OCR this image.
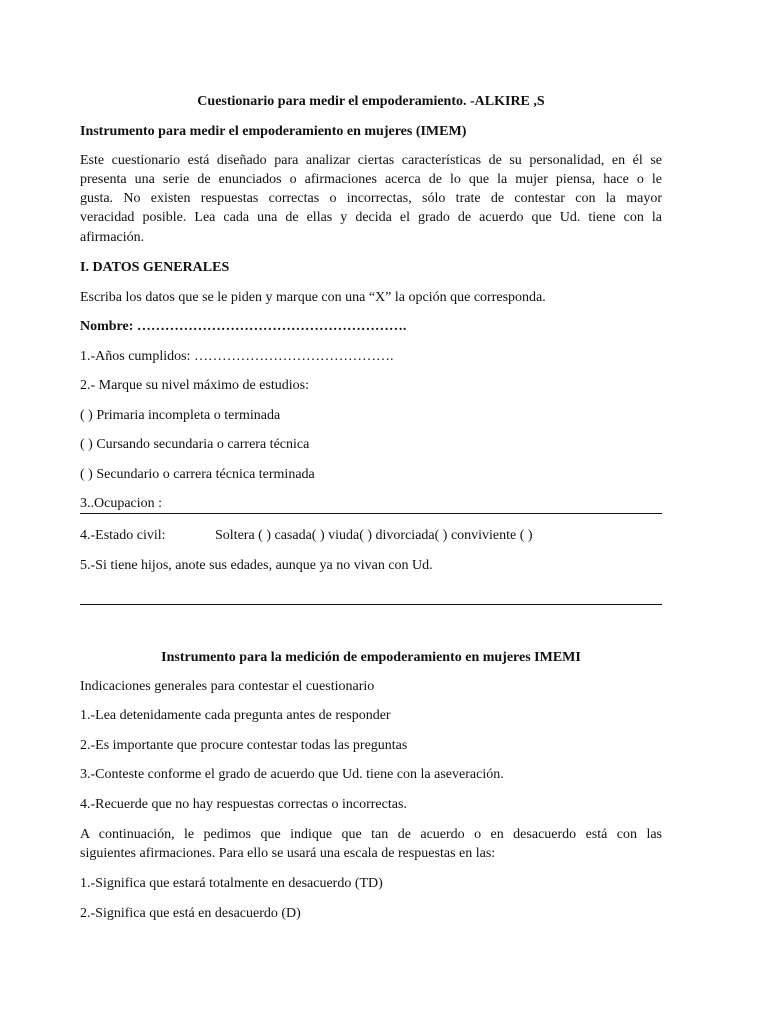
Cuestionario para medir el empoderamiento. -ALKIRE ,S
Instrumento para medir el empoderamiento en mujeres (IMEM)
Este cuestionario está diseñado para analizar ciertas características de su personalidad, en él se
presenta una serie de enunciados o afirmaciones acerca de lo que la mujer piensa, hace o le
gusta. No existen respuestas correctas o incorrectas, sólo trate de contestar con la mayor
veracidad posible. Lea cada una de ellas y decida el grado de acuerdo que Ud. tiene con la
afirmación.
I. DATOS GENERALES
Escriba los datos que se le piden y marque con una “X” la opción que corresponda.
Nombre: ………………………………………………….
1.-Años cumplidos: …………………………………….
2.- Marque su nivel máximo de estudios:
( ) Primaria incompleta o terminada
( ) Cursando secundaria o carrera técnica
( ) Secundario o carrera técnica terminada
3..Ocupacion :
4.-Estado civil:	Soltera ( ) casada( ) viuda( ) divorciada( ) conviviente ( )
5.-Si tiene hijos, anote sus edades, aunque ya no vivan con Ud.
Instrumento para la medición de empoderamiento en mujeres IMEMI
Indicaciones generales para contestar el cuestionario
1.-Lea detenidamente cada pregunta antes de responder
2.-Es importante que procure contestar todas las preguntas
3.-Conteste conforme el grado de acuerdo que Ud. tiene con la aseveración.
4.-Recuerde que no hay respuestas correctas o incorrectas.
A continuación, le pedimos que indique que tan de acuerdo o en desacuerdo está con las
siguientes afirmaciones. Para ello se usará una escala de respuestas en las:
1.-Significa que estará totalmente en desacuerdo (TD)
2.-Significa que está en desacuerdo (D)
